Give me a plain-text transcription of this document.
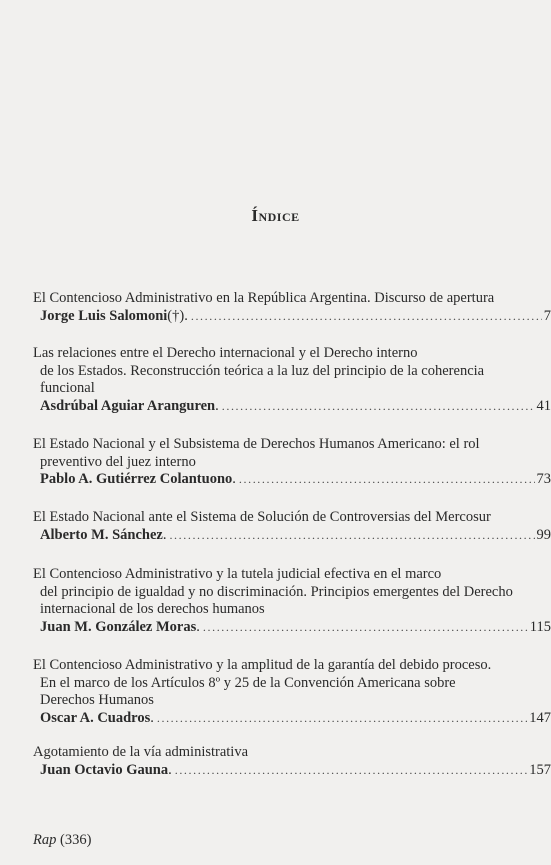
Índice
El Contencioso Administrativo en la República Argentina. Discurso de apertura
Jorge Luis Salomoni (†). .....	7
Las relaciones entre el Derecho internacional y el Derecho interno
de los Estados. Reconstrucción teórica a la luz del principio de la coherencia
funcional
Asdrúbal Aguiar Aranguren . .....	41
El Estado Nacional y el Subsistema de Derechos Humanos Americano: el rol
preventivo del juez interno
Pablo A. Gutiérrez Colantuono . .....	73
El Estado Nacional ante el Sistema de Solución de Controversias del Mercosur
Alberto M. Sánchez . .....	99
El Contencioso Administrativo y la tutela judicial efectiva en el marco
del principio de igualdad y no discriminación. Principios emergentes del Derecho
internacional de los derechos humanos
Juan M. González Moras . .....	115
El Contencioso Administrativo y la amplitud de la garantía del debido proceso.
En el marco de los Artículos 8º y 25 de la Convención Americana sobre
Derechos Humanos
Oscar A. Cuadros . .....	147
Agotamiento de la vía administrativa
Juan Octavio Gauna . .....	157
Rap (336)
